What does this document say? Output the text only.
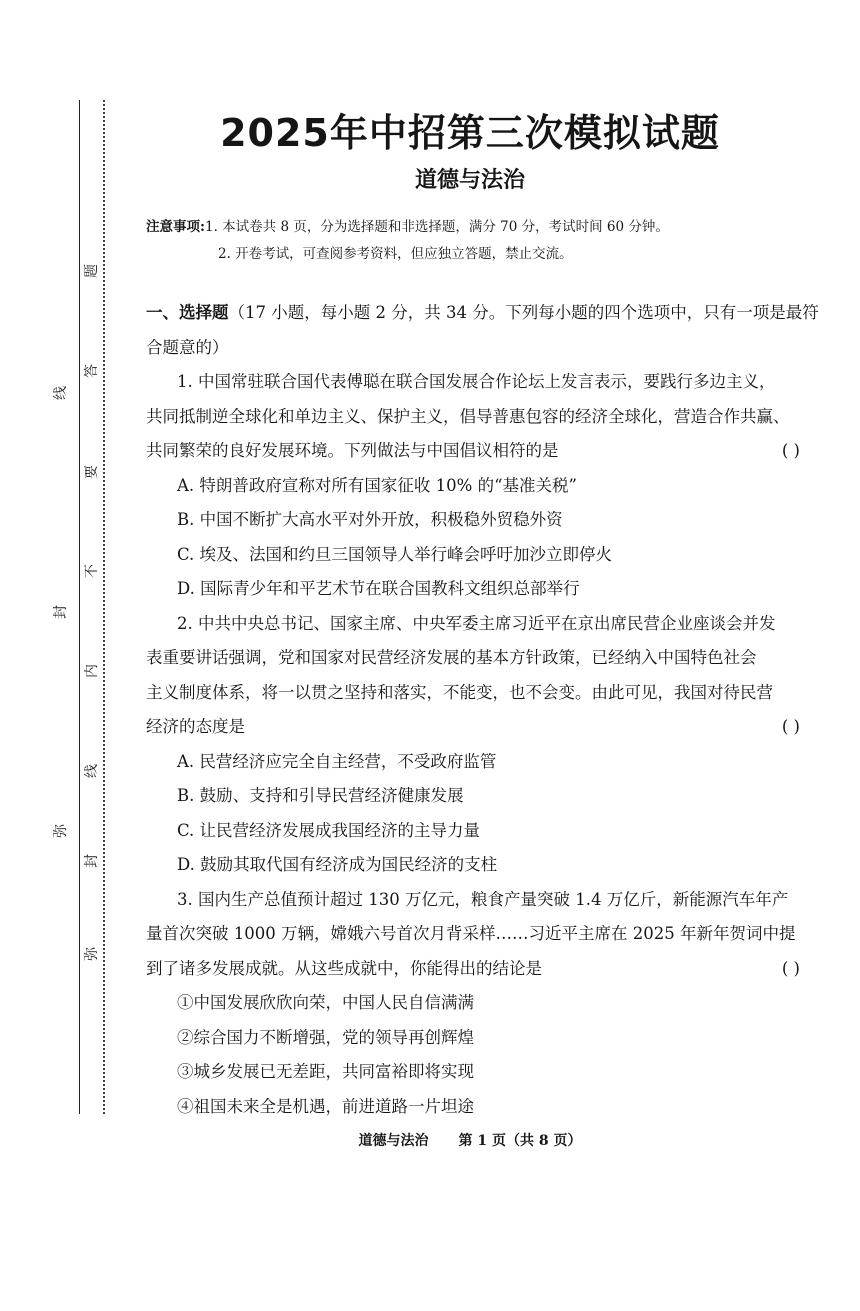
线
封
弥
题
答
要
不
内
线
封
弥
2025年中招第三次模拟试题
道德与法治
注意事项:1. 本试卷共 8 页，分为选择题和非选择题，满分 70 分，考试时间 60 分钟。
2. 开卷考试，可查阅参考资料，但应独立答题，禁止交流。
一、选择题（17 小题，每小题 2 分，共 34 分。下列每小题的四个选项中，只有一项是最符
合题意的）
1. 中国常驻联合国代表傅聪在联合国发展合作论坛上发言表示，要践行多边主义，
共同抵制逆全球化和单边主义、保护主义，倡导普惠包容的经济全球化，营造合作共赢、
共同繁荣的良好发展环境。下列做法与中国倡议相符的是	( )
A. 特朗普政府宣称对所有国家征收 10% 的“基准关税”
B. 中国不断扩大高水平对外开放，积极稳外贸稳外资
C. 埃及、法国和约旦三国领导人举行峰会呼吁加沙立即停火
D. 国际青少年和平艺术节在联合国教科文组织总部举行
2. 中共中央总书记、国家主席、中央军委主席习近平在京出席民营企业座谈会并发
表重要讲话强调，党和国家对民营经济发展的基本方针政策，已经纳入中国特色社会
主义制度体系，将一以贯之坚持和落实，不能变，也不会变。由此可见，我国对待民营
经济的态度是	( )
A. 民营经济应完全自主经营，不受政府监管
B. 鼓励、支持和引导民营经济健康发展
C. 让民营经济发展成我国经济的主导力量
D. 鼓励其取代国有经济成为国民经济的支柱
3. 国内生产总值预计超过 130 万亿元，粮食产量突破 1.4 万亿斤，新能源汽车年产
量首次突破 1000 万辆，嫦娥六号首次月背采样……习近平主席在 2025 年新年贺词中提
到了诸多发展成就。从这些成就中，你能得出的结论是	( )
①中国发展欣欣向荣，中国人民自信满满
②综合国力不断增强，党的领导再创辉煌
③城乡发展已无差距，共同富裕即将实现
④祖国未来全是机遇，前进道路一片坦途
道德与法治 第 1 页（共 8 页）
